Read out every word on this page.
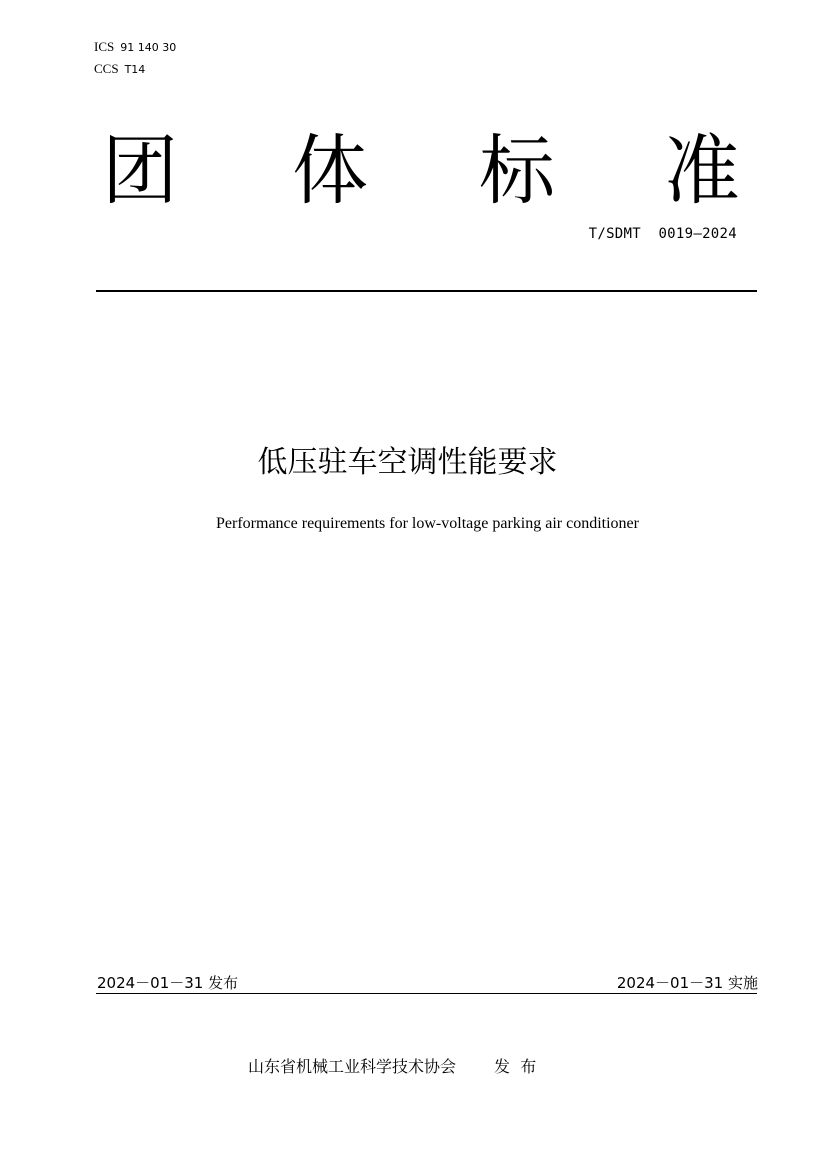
ICS 91 140 30
CCS T14
团 体 标 准
T/SDMT  0019—2024
低压驻车空调性能要求
Performance requirements for low-voltage parking air conditioner
2024－01－31 发布	2024－01－31 实施
山东省机械工业科学技术协会 发  布
